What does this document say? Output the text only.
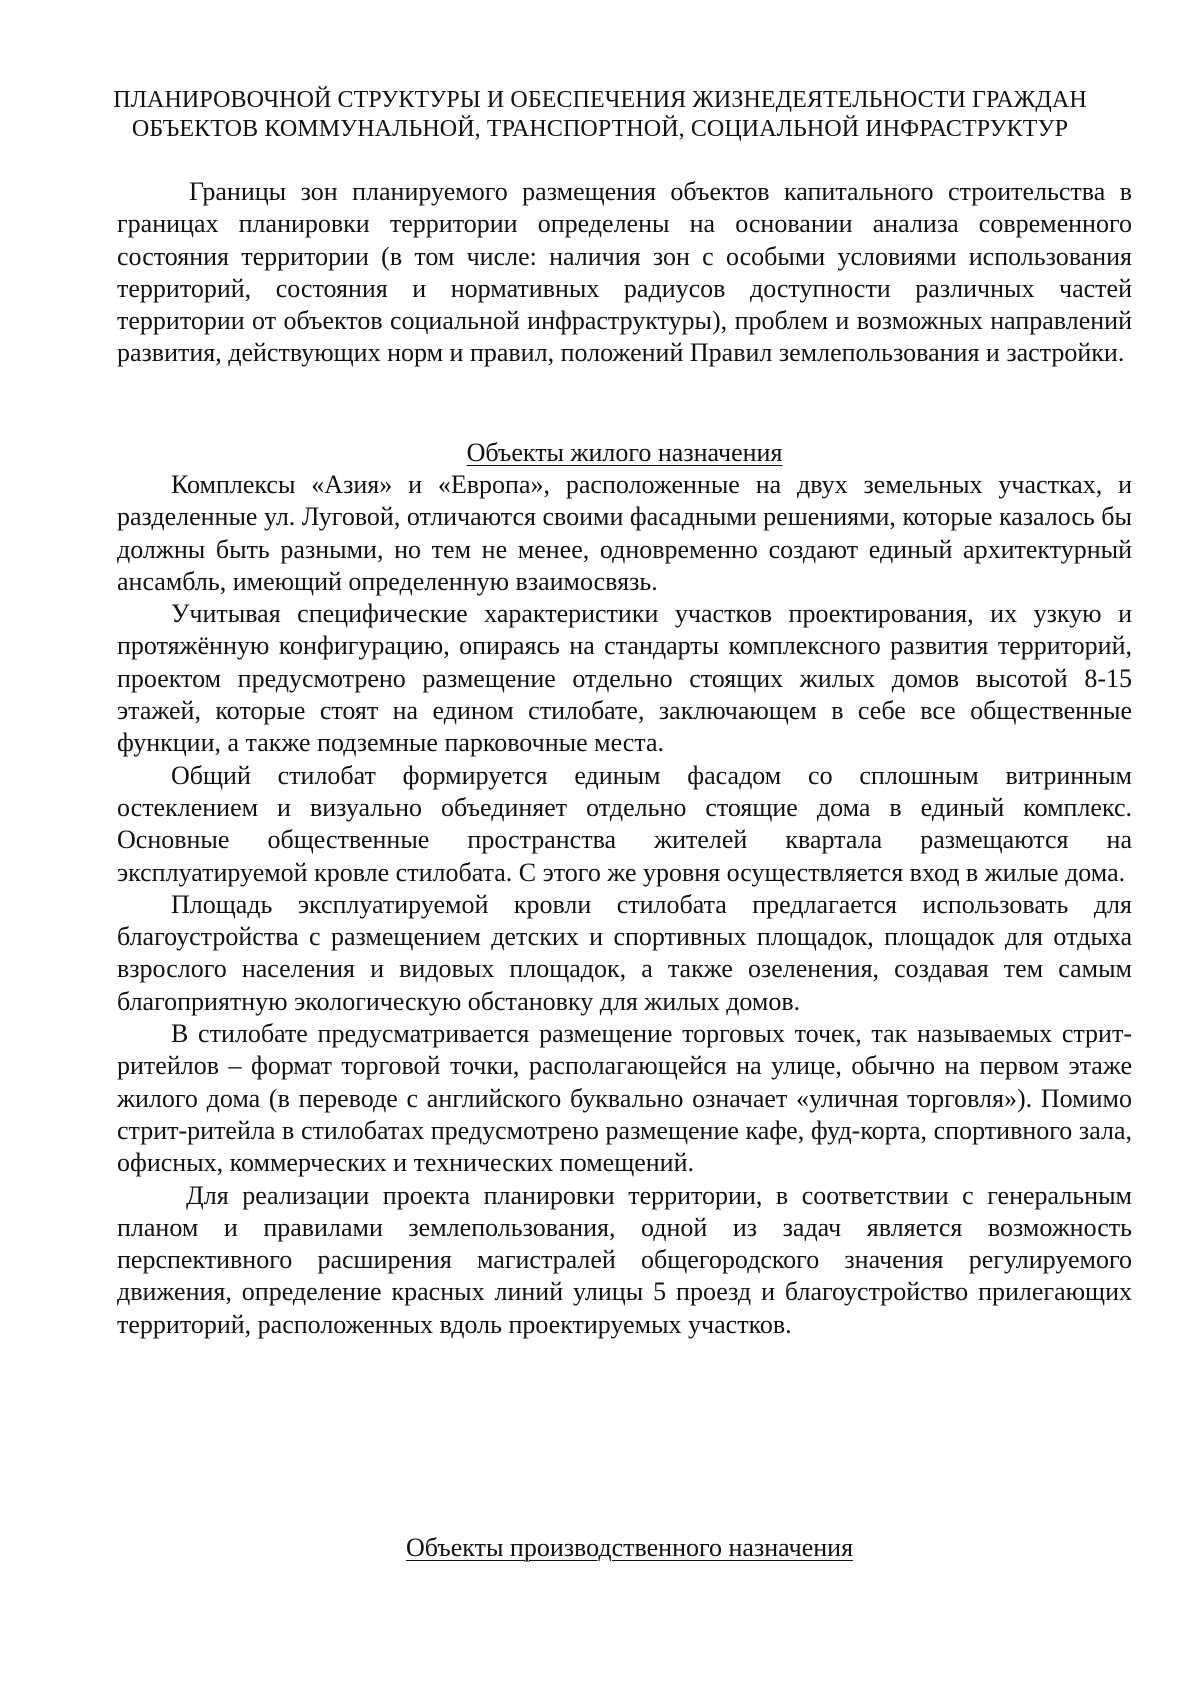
ПЛАНИРОВОЧНОЙ СТРУКТУРЫ И ОБЕСПЕЧЕНИЯ ЖИЗНЕДЕЯТЕЛЬНОСТИ ГРАЖДАН
ОБЪЕКТОВ КОММУНАЛЬНОЙ, ТРАНСПОРТНОЙ, СОЦИАЛЬНОЙ ИНФРАСТРУКТУР

Границы зон планируемого размещения объектов капитального строительства в границах планировки территории определены на основании анализа современного состояния территории (в том числе: наличия зон с особыми условиями использования территорий, состояния и нормативных радиусов доступности различных частей территории от объектов социальной инфраструктуры), проблем и возможных направлений развития, действующих норм и правил, положений Правил землепользования и застройки.

Объекты жилого назначения

Комплексы «Азия» и «Европа», расположенные на двух земельных участках, и разделенные ул. Луговой, отличаются своими фасадными решениями, которые казалось бы должны быть разными, но тем не менее, одновременно создают единый архитектурный ансамбль, имеющий определенную взаимосвязь.

Учитывая специфические характеристики участков проектирования, их узкую и протяжённую конфигурацию, опираясь на стандарты комплексного развития территорий, проектом предусмотрено размещение отдельно стоящих жилых домов высотой 8-15 этажей, которые стоят на едином стилобате, заключающем в себе все общественные функции, а также подземные парковочные места.

Общий стилобат формируется единым фасадом со сплошным витринным остеклением и визуально объединяет отдельно стоящие дома в единый комплекс. Основные общественные пространства жителей квартала размещаются на эксплуатируемой кровле стилобата. С этого же уровня осуществляется вход в жилые дома.

Площадь эксплуатируемой кровли стилобата предлагается использовать для благоустройства с размещением детских и спортивных площадок, площадок для отдыха взрослого населения и видовых площадок, а также озеленения, создавая тем самым благоприятную экологическую обстановку для жилых домов.

В стилобате предусматривается размещение торговых точек, так называемых стрит-ритейлов – формат торговой точки, располагающейся на улице, обычно на первом этаже жилого дома (в переводе с английского буквально означает «уличная торговля»). Помимо стрит-ритейла в стилобатах предусмотрено размещение кафе, фуд-корта, спортивного зала, офисных, коммерческих и технических помещений.

Для реализации проекта планировки территории, в соответствии с генеральным планом и правилами землепользования, одной из задач является возможность перспективного расширения магистралей общегородского значения регулируемого движения, определение красных линий улицы 5 проезд и благоустройство прилегающих территорий, расположенных вдоль проектируемых участков.

Объекты производственного назначения
